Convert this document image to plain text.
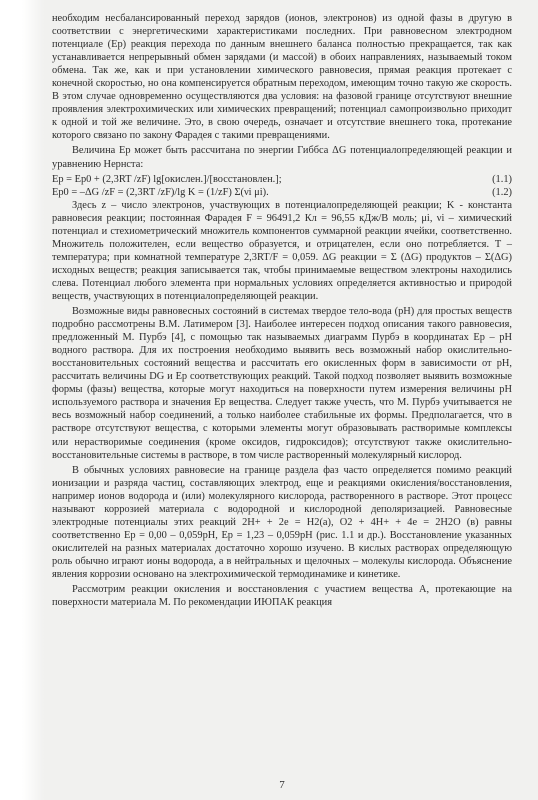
необходим несбалансированный переход зарядов (ионов, электронов) из одной фазы в другую в соответствии с энергетическими характеристиками последних. При равновесном электродном потенциале (Ep) реакция перехода по данным внешнего баланса полностью прекращается, так как устанавливается непрерывный обмен зарядами (и массой) в обоих направлениях, называемый током обмена. Так же, как и при установлении химического равновесия, прямая реакция протекает с конечной скоростью, но она компенсируется обратным переходом, имеющим точно такую же скорость. В этом случае одновременно осуществляются два условия: на фазовой границе отсутствуют внешние проявления электрохимических или химических превращений; потенциал самопроизвольно приходит к одной и той же величине. Это, в свою очередь, означает и отсутствие внешнего тока, протекание которого связано по закону Фарадея с такими превращениями.

Величина Ep может быть рассчитана по энергии Гиббса ΔG потенциалопределяющей реакции и уравнению Нернста:

Ep = Ep0 + (2,3RT /zF) lg[окислен.]/[восстановлен.];	(1.1)
Ep0 = –ΔG /zF = (2,3RT /zF)/lg K = (1/zF) Σ(νi μi).	(1.2)

Здесь z – число электронов, участвующих в потенциалопределяющей реакции; K - константа равновесия реакции; постоянная Фарадея F = 96491,2 Кл = 96,55 кДж/В моль; μi, νi – химический потенциал и стехиометрический множитель компонентов суммарной реакции ячейки, соответственно. Множитель положителен, если вещество образуется, и отрицателен, если оно потребляется. T – температура; при комнатной температуре 2,3RT/F = 0,059. ΔG реакции = Σ (ΔG) продуктов – Σ(ΔG) исходных веществ; реакция записывается так, чтобы принимаемые веществом электроны находились слева. Потенциал любого элемента при нормальных условиях определяется активностью и природой веществ, участвующих в потенциалопределяющей реакции.

Возможные виды равновесных состояний в системах твердое тело-вода (pH) для простых веществ подробно рассмотрены В.М. Латимером [3]. Наиболее интересен подход описания такого равновесия, предложенный М. Пурбэ [4], с помощью так называемых диаграмм Пурбэ в координатах Ep – pH водного раствора. Для их построения необходимо выявить весь возможный набор окислительно-восстановительных состояний вещества и рассчитать его окисленных форм в зависимости от pH, рассчитать величины DG и Ep соответствующих реакций. Такой подход позволяет выявить возможные формы (фазы) вещества, которые могут находиться на поверхности путем измерения величины pH используемого раствора и значения Ep вещества. Следует также учесть, что М. Пурбэ учитывается не весь возможный набор соединений, а только наиболее стабильные их формы. Предполагается, что в растворе отсутствуют вещества, с которыми элементы могут образовывать растворимые комплексы или нерастворимые соединения (кроме оксидов, гидроксидов); отсутствуют также окислительно-восстановительные системы в растворе, в том числе растворенный молекулярный кислород.

В обычных условиях равновесие на границе раздела фаз часто определяется помимо реакций ионизации и разряда частиц, составляющих электрод, еще и реакциями окисления/восстановления, например ионов водорода и (или) молекулярного кислорода, растворенного в растворе. Этот процесс называют коррозией материала с водородной и кислородной деполяризацией. Равновесные электродные потенциалы этих реакций 2H+ + 2e = H2(a), O2 + 4H+ + 4e = 2H2O (в) равны соответственно Ep = 0,00 – 0,059pH, Ep = 1,23 – 0,059pH (рис. 1.1 и др.). Восстановление указанных окислителей на разных материалах достаточно хорошо изучено. В кислых растворах определяющую роль обычно играют ионы водорода, а в нейтральных и щелочных – молекулы кислорода. Объяснение явления коррозии основано на электрохимической термодинамике и кинетике.

Рассмотрим реакции окисления и восстановления с участием вещества А, протекающие на поверхности материала М. По рекомендации ИЮПАК реакция

7
